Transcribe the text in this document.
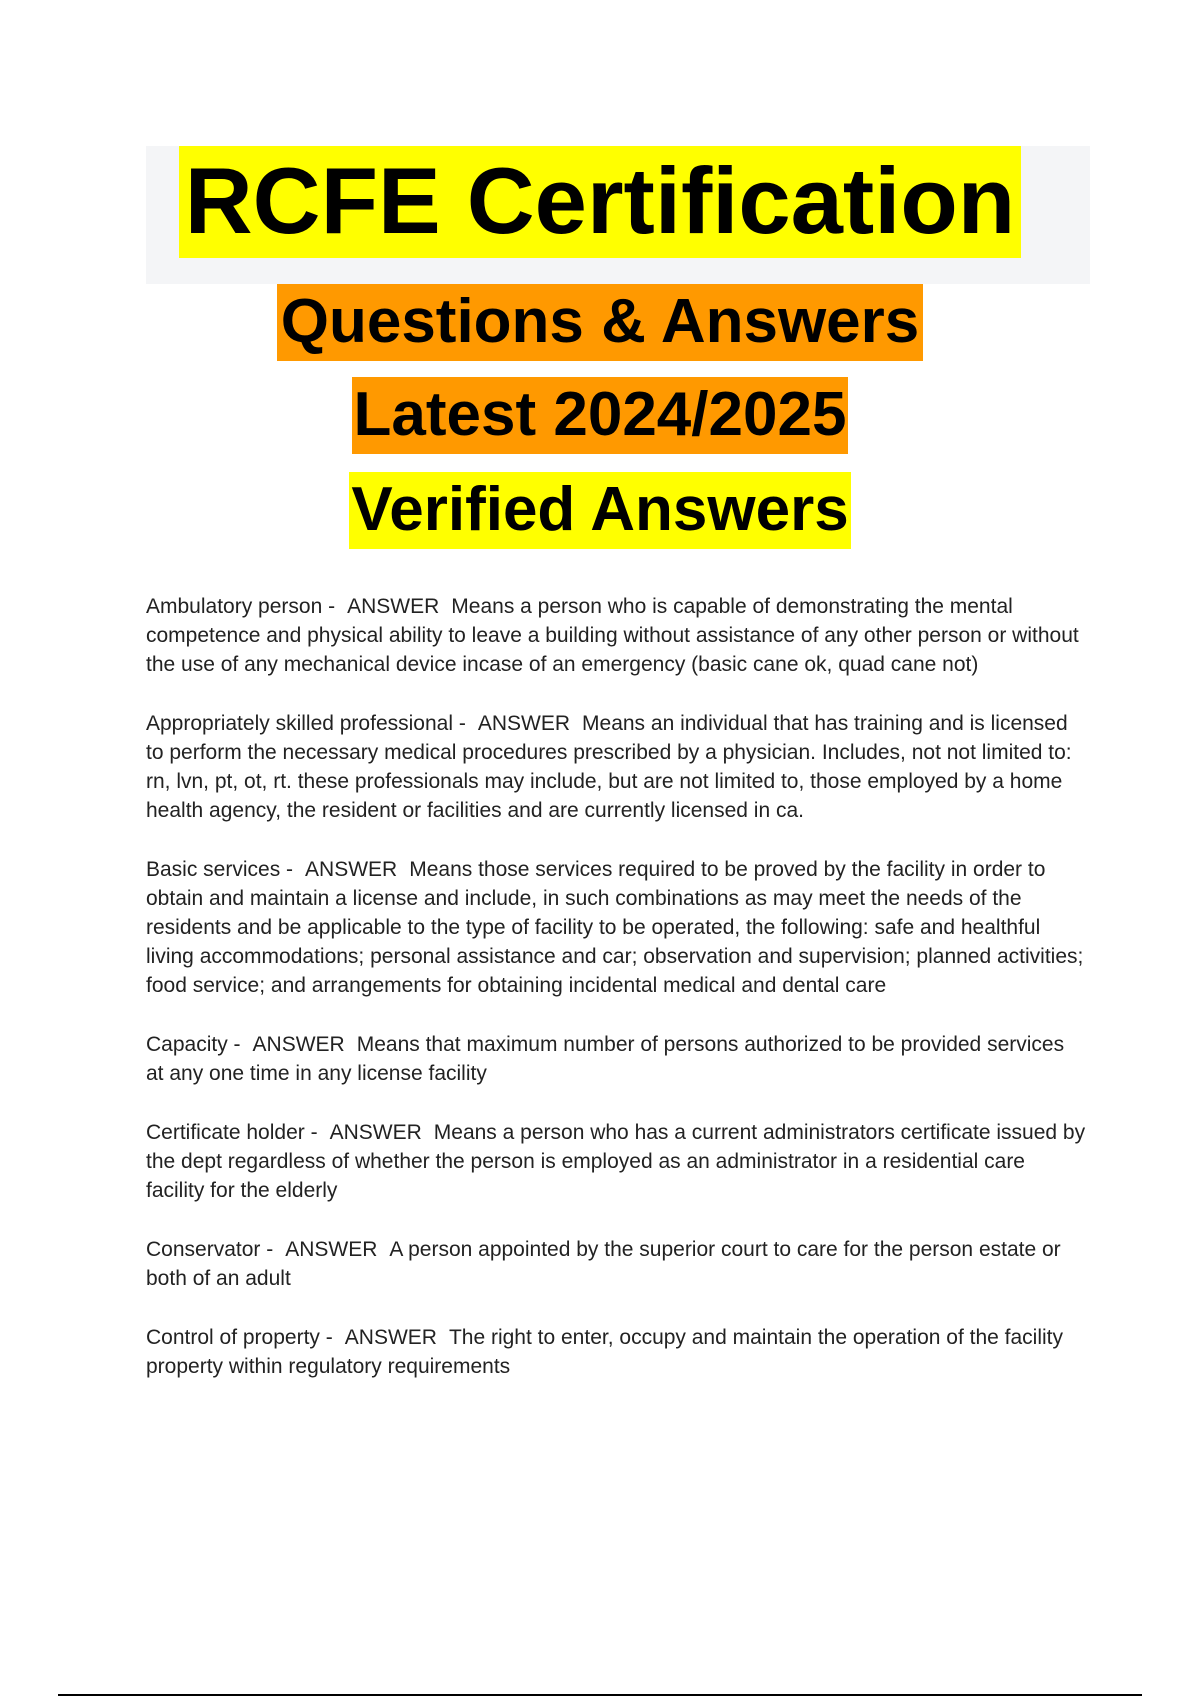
RCFE Certification
Questions & Answers
Latest 2024/2025
Verified Answers

Ambulatory person - ANSWER Means a person who is capable of demonstrating the mental competence and physical ability to leave a building without assistance of any other person or without the use of any mechanical device incase of an emergency (basic cane ok, quad cane not)

Appropriately skilled professional - ANSWER Means an individual that has training and is licensed to perform the necessary medical procedures prescribed by a physician. Includes, not not limited to: rn, lvn, pt, ot, rt. these professionals may include, but are not limited to, those employed by a home health agency, the resident or facilities and are currently licensed in ca.

Basic services - ANSWER Means those services required to be proved by the facility in order to obtain and maintain a license and include, in such combinations as may meet the needs of the residents and be applicable to the type of facility to be operated, the following: safe and healthful living accommodations; personal assistance and car; observation and supervision; planned activities; food service; and arrangements for obtaining incidental medical and dental care

Capacity - ANSWER Means that maximum number of persons authorized to be provided services at any one time in any license facility

Certificate holder - ANSWER Means a person who has a current administrators certificate issued by the dept regardless of whether the person is employed as an administrator in a residential care facility for the elderly

Conservator - ANSWER A person appointed by the superior court to care for the person estate or both of an adult

Control of property - ANSWER The right to enter, occupy and maintain the operation of the facility property within regulatory requirements
